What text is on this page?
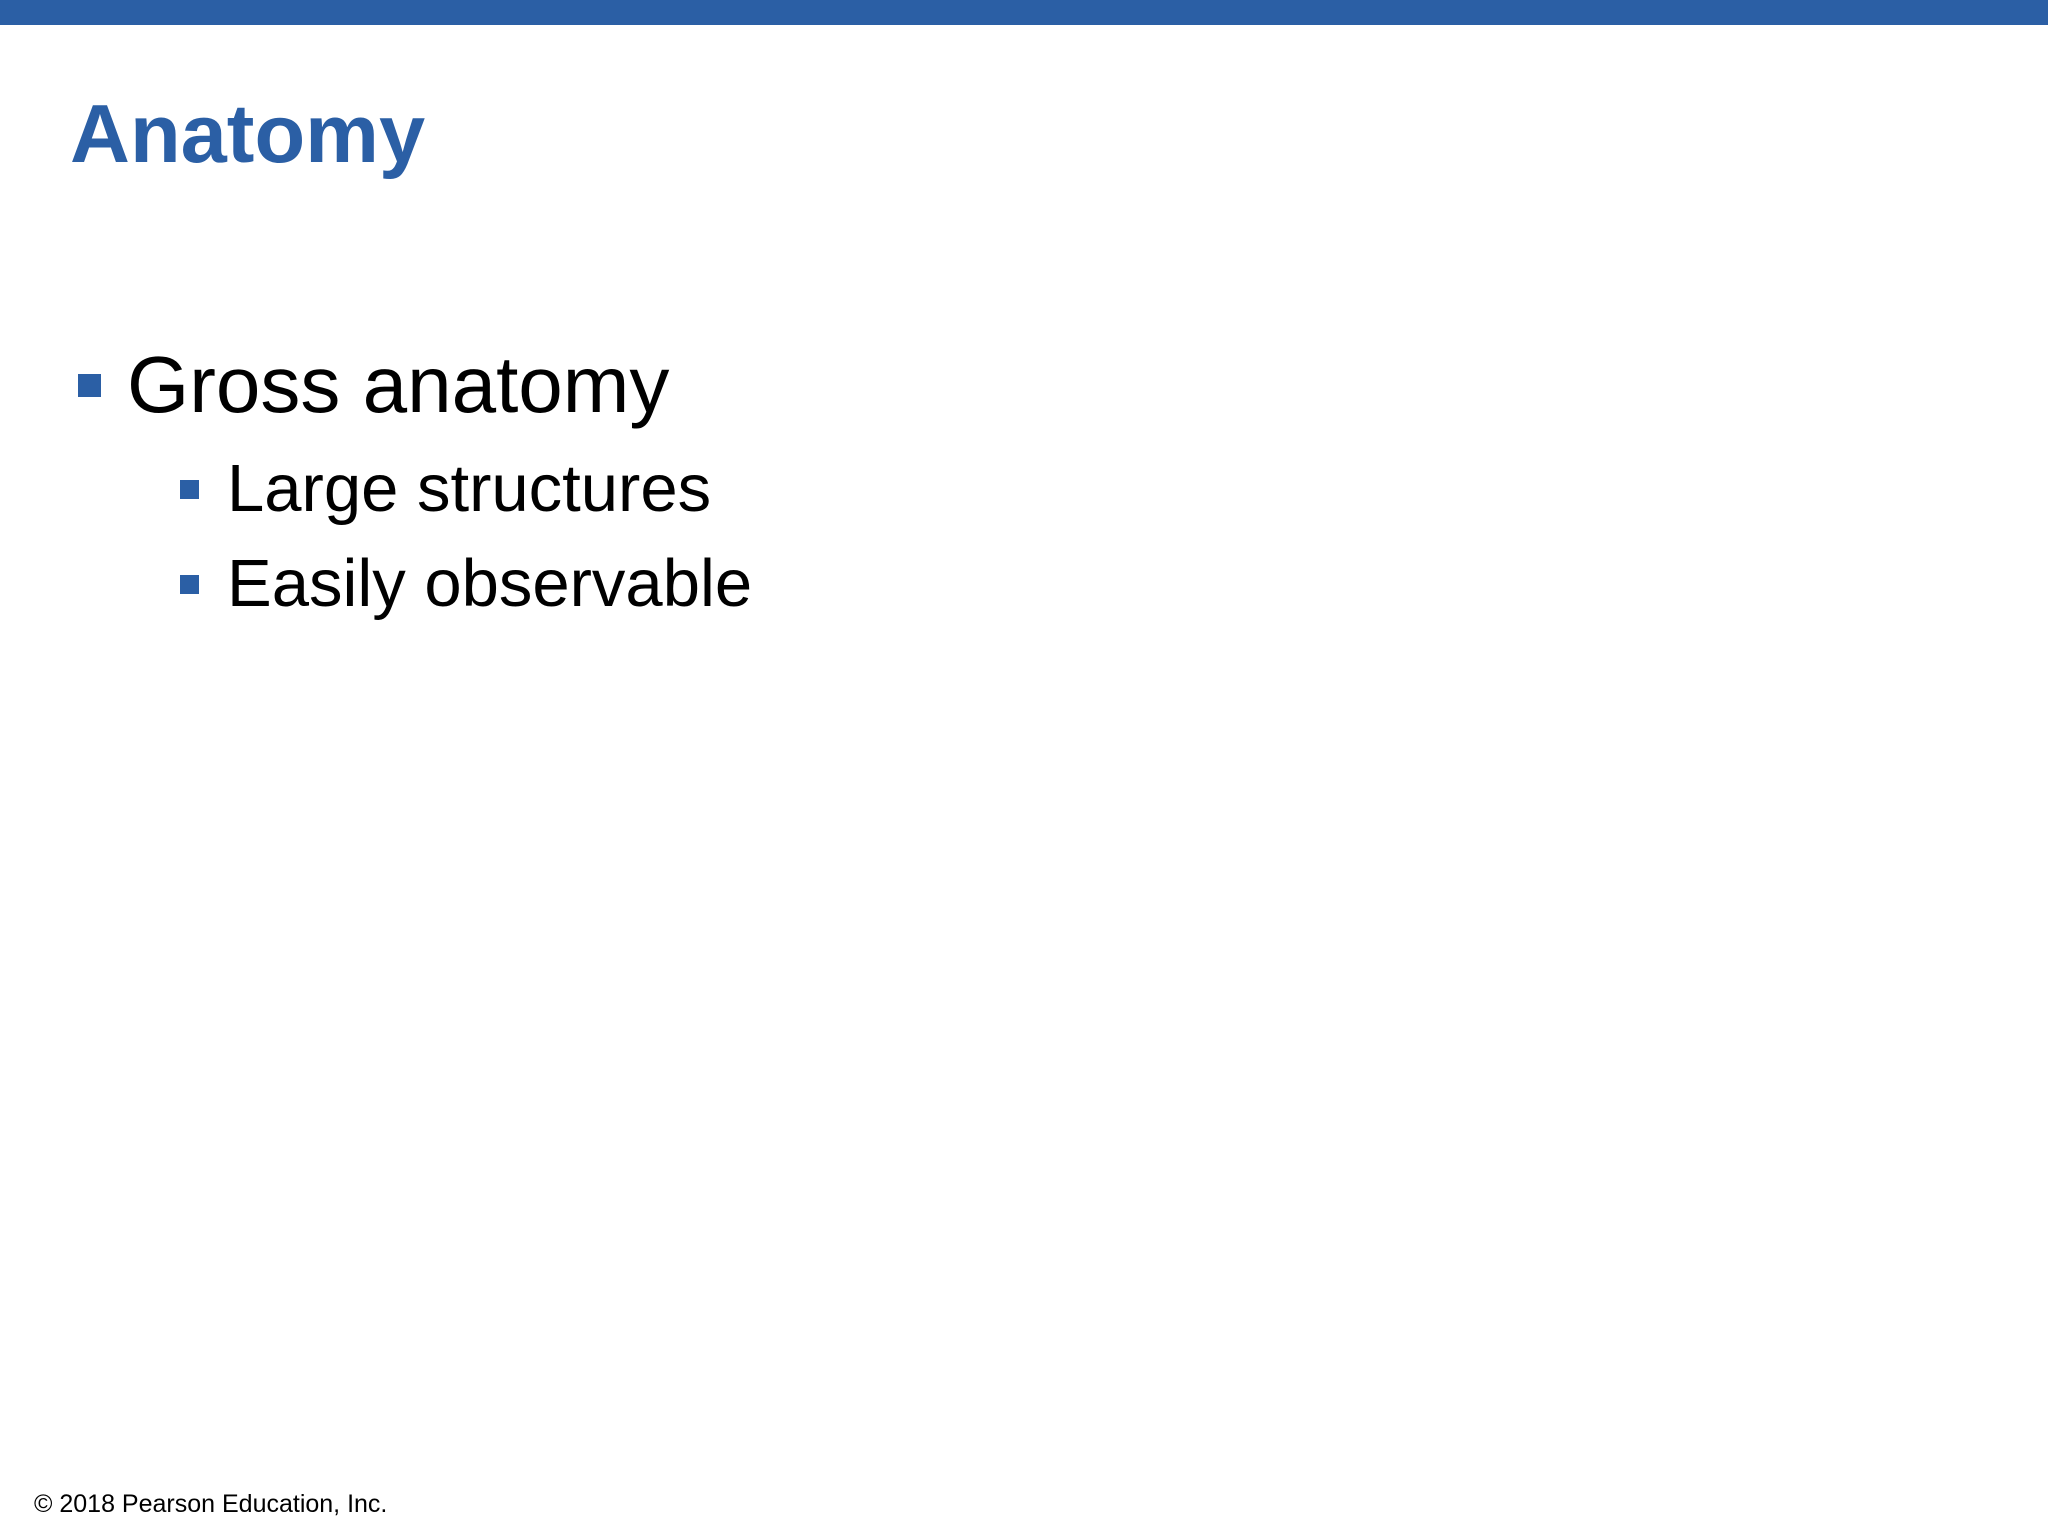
Anatomy
Gross anatomy
Large structures
Easily observable
© 2018 Pearson Education, Inc.
